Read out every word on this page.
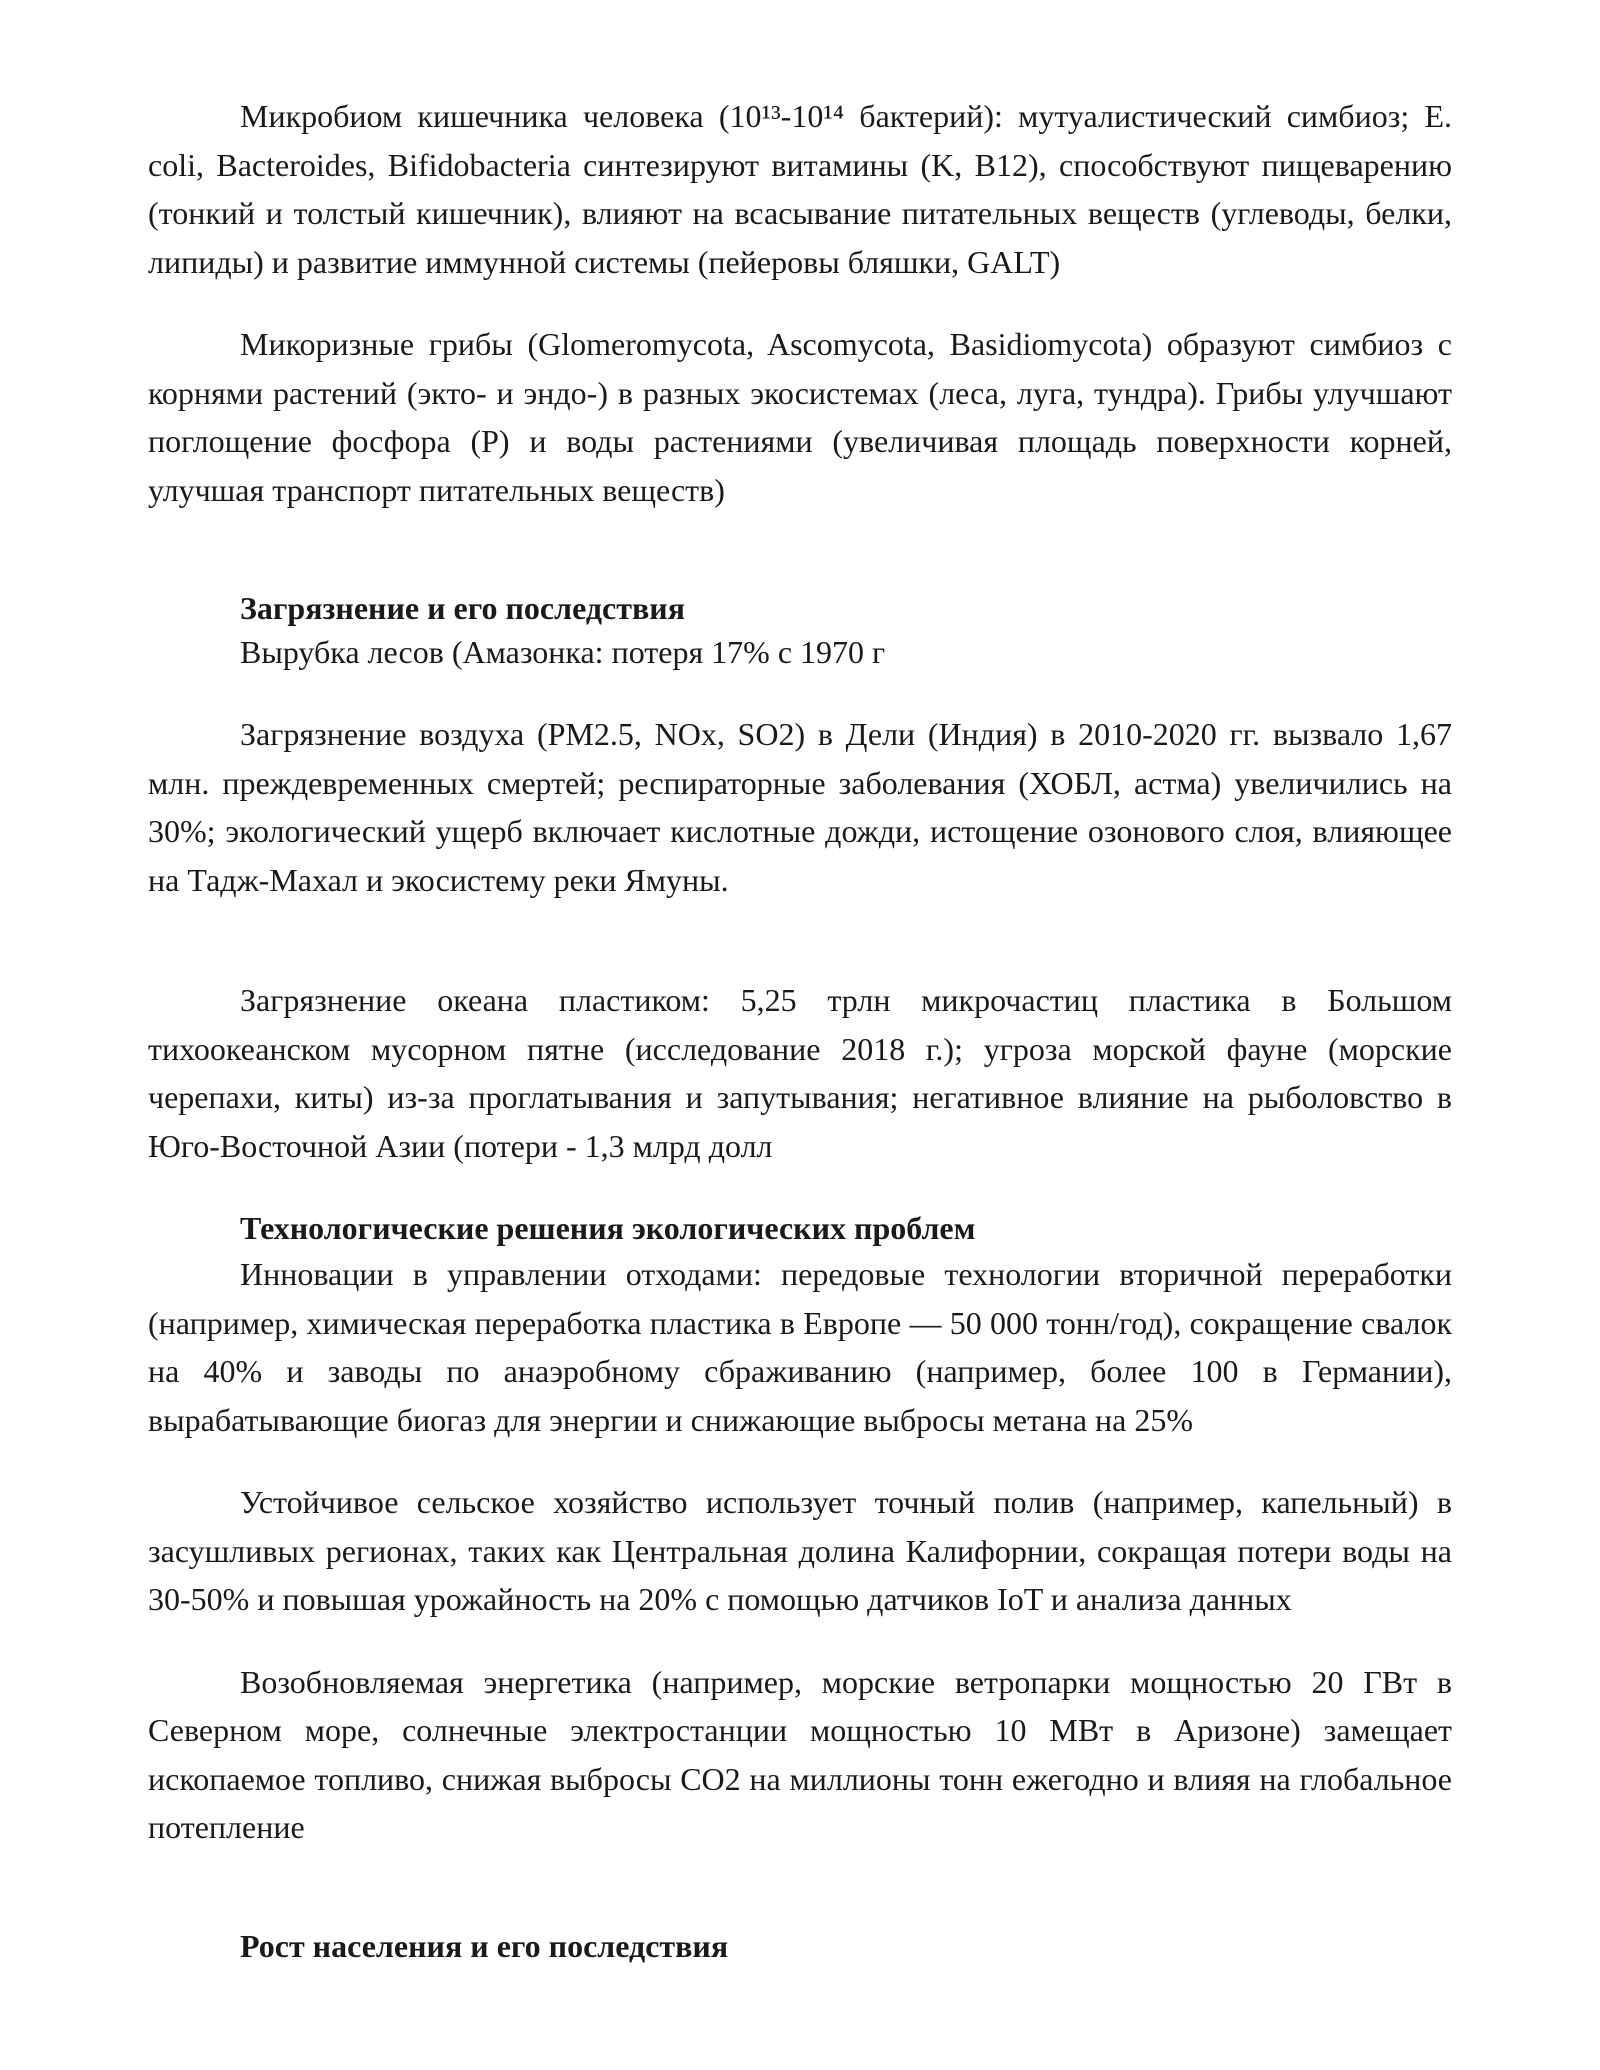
Микробиом кишечника человека (10¹³-10¹⁴ бактерий): мутуалистический симбиоз; E. coli, Bacteroides, Bifidobacteria синтезируют витамины (K, B12), способствуют пищеварению (тонкий и толстый кишечник), влияют на всасывание питательных веществ (углеводы, белки, липиды) и развитие иммунной системы (пейеровы бляшки, GALT)

Микоризные грибы (Glomeromycota, Ascomycota, Basidiomycota) образуют симбиоз с корнями растений (экто- и эндо-) в разных экосистемах (леса, луга, тундра). Грибы улучшают поглощение фосфора (P) и воды растениями (увеличивая площадь поверхности корней, улучшая транспорт питательных веществ)

Загрязнение и его последствия

Вырубка лесов (Амазонка: потеря 17% с 1970 г

Загрязнение воздуха (PM2.5, NOx, SO2) в Дели (Индия) в 2010-2020 гг. вызвало 1,67 млн. преждевременных смертей; респираторные заболевания (ХОБЛ, астма) увеличились на 30%; экологический ущерб включает кислотные дожди, истощение озонового слоя, влияющее на Тадж-Махал и экосистему реки Ямуны.

Загрязнение океана пластиком: 5,25 трлн микрочастиц пластика в Большом тихоокеанском мусорном пятне (исследование 2018 г.); угроза морской фауне (морские черепахи, киты) из-за проглатывания и запутывания; негативное влияние на рыболовство в Юго-Восточной Азии (потери - 1,3 млрд долл

Технологические решения экологических проблем

Инновации в управлении отходами: передовые технологии вторичной переработки (например, химическая переработка пластика в Европе — 50 000 тонн/год), сокращение свалок на 40% и заводы по анаэробному сбраживанию (например, более 100 в Германии), вырабатывающие биогаз для энергии и снижающие выбросы метана на 25%

Устойчивое сельское хозяйство использует точный полив (например, капельный) в засушливых регионах, таких как Центральная долина Калифорнии, сокращая потери воды на 30-50% и повышая урожайность на 20% с помощью датчиков IoT и анализа данных

Возобновляемая энергетика (например, морские ветропарки мощностью 20 ГВт в Северном море, солнечные электростанции мощностью 10 МВт в Аризоне) замещает ископаемое топливо, снижая выбросы CO2 на миллионы тонн ежегодно и влияя на глобальное потепление

Рост населения и его последствия
